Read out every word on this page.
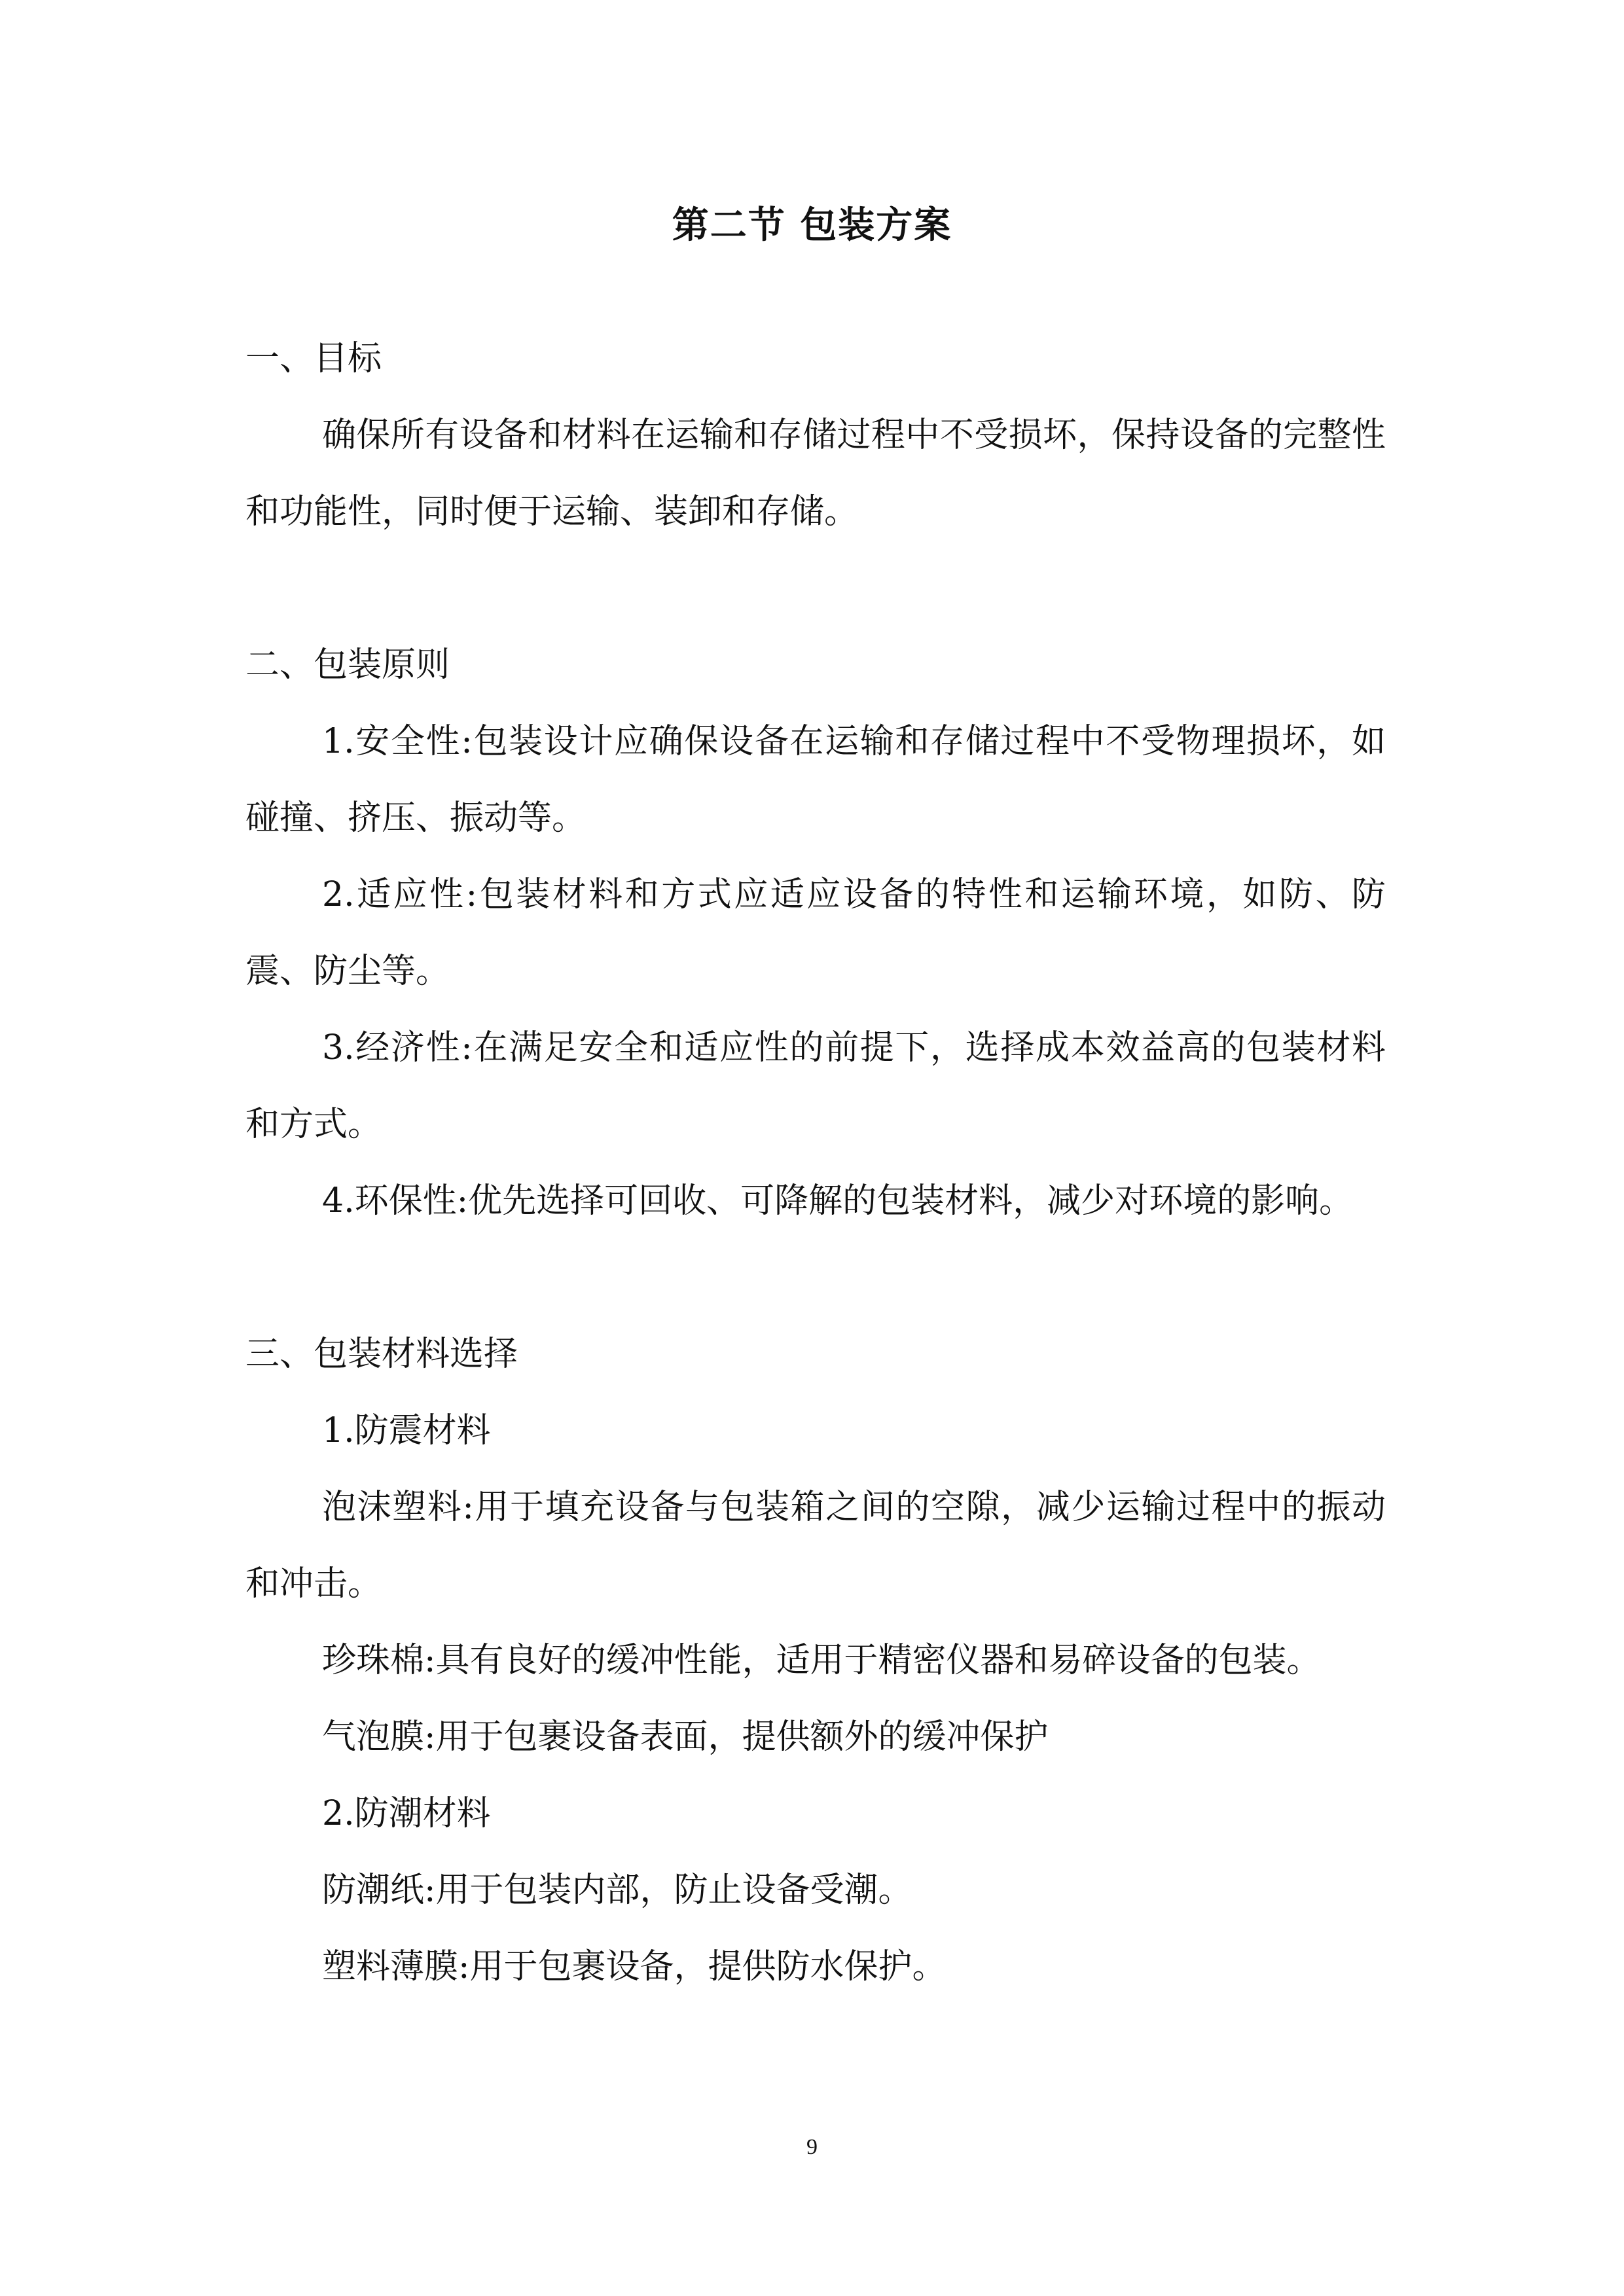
第二节 包装方案

一、目标

确保所有设备和材料在运输和存储过程中不受损坏，保持设备的完整性和功能性，同时便于运输、装卸和存储。

二、包装原则

1.安全性:包装设计应确保设备在运输和存储过程中不受物理损坏，如碰撞、挤压、振动等。

2.适应性:包装材料和方式应适应设备的特性和运输环境，如防、防震、防尘等。

3.经济性:在满足安全和适应性的前提下，选择成本效益高的包装材料和方式。

4.环保性:优先选择可回收、可降解的包装材料，减少对环境的影响。

三、包装材料选择

1.防震材料

泡沫塑料:用于填充设备与包装箱之间的空隙，减少运输过程中的振动和冲击。

珍珠棉:具有良好的缓冲性能，适用于精密仪器和易碎设备的包装。

气泡膜:用于包裹设备表面，提供额外的缓冲保护

2.防潮材料

防潮纸:用于包装内部，防止设备受潮。

塑料薄膜:用于包裹设备，提供防水保护。

9
